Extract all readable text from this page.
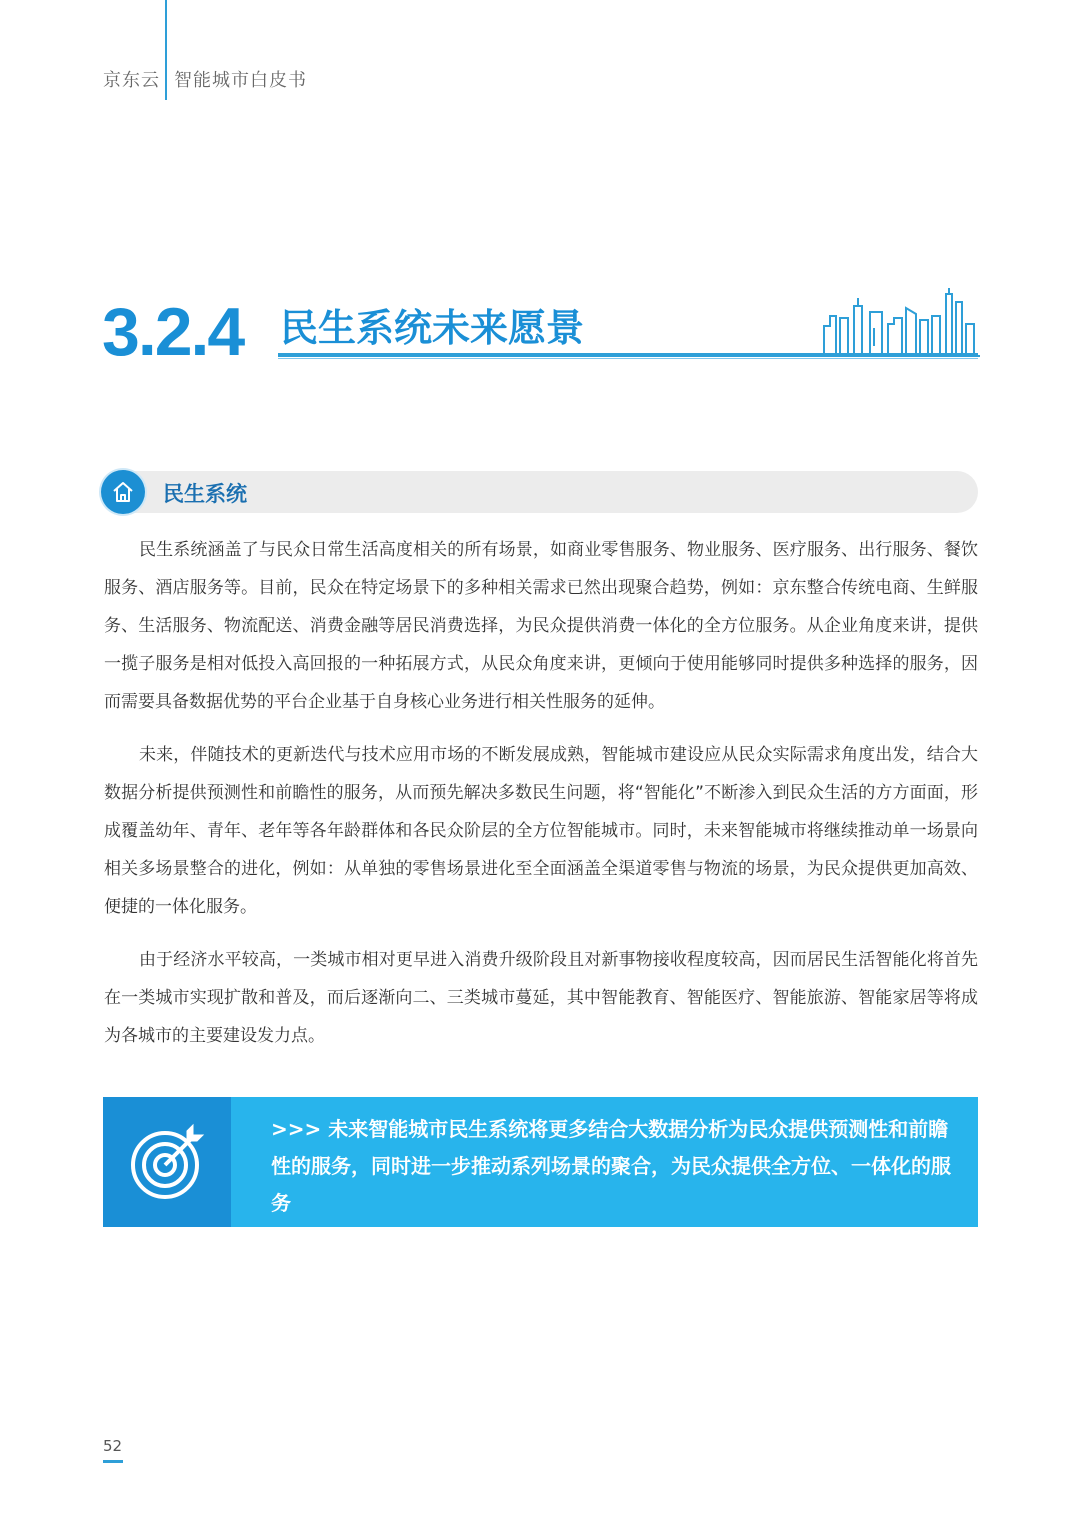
京东云 智能城市白皮书
3.2.4 民生系统未来愿景
民生系统

民生系统涵盖了与民众日常生活高度相关的所有场景，如商业零售服务、物业服务、医疗服务、出行服务、餐饮服务、酒店服务等。目前，民众在特定场景下的多种相关需求已然出现聚合趋势，例如：京东整合传统电商、生鲜服务、生活服务、物流配送、消费金融等居民消费选择，为民众提供消费一体化的全方位服务。从企业角度来讲，提供一揽子服务是相对低投入高回报的一种拓展方式，从民众角度来讲，更倾向于使用能够同时提供多种选择的服务，因而需要具备数据优势的平台企业基于自身核心业务进行相关性服务的延伸。

未来，伴随技术的更新迭代与技术应用市场的不断发展成熟，智能城市建设应从民众实际需求角度出发，结合大数据分析提供预测性和前瞻性的服务，从而预先解决多数民生问题，将“智能化”不断渗入到民众生活的方方面面，形成覆盖幼年、青年、老年等各年龄群体和各民众阶层的全方位智能城市。同时，未来智能城市将继续推动单一场景向相关多场景整合的进化，例如：从单独的零售场景进化至全面涵盖全渠道零售与物流的场景，为民众提供更加高效、便捷的一体化服务。

由于经济水平较高，一类城市相对更早进入消费升级阶段且对新事物接收程度较高，因而居民生活智能化将首先在一类城市实现扩散和普及，而后逐渐向二、三类城市蔓延，其中智能教育、智能医疗、智能旅游、智能家居等将成为各城市的主要建设发力点。

>>> 未来智能城市民生系统将更多结合大数据分析为民众提供预测性和前瞻性的服务，同时进一步推动系列场景的聚合，为民众提供全方位、一体化的服务

52
